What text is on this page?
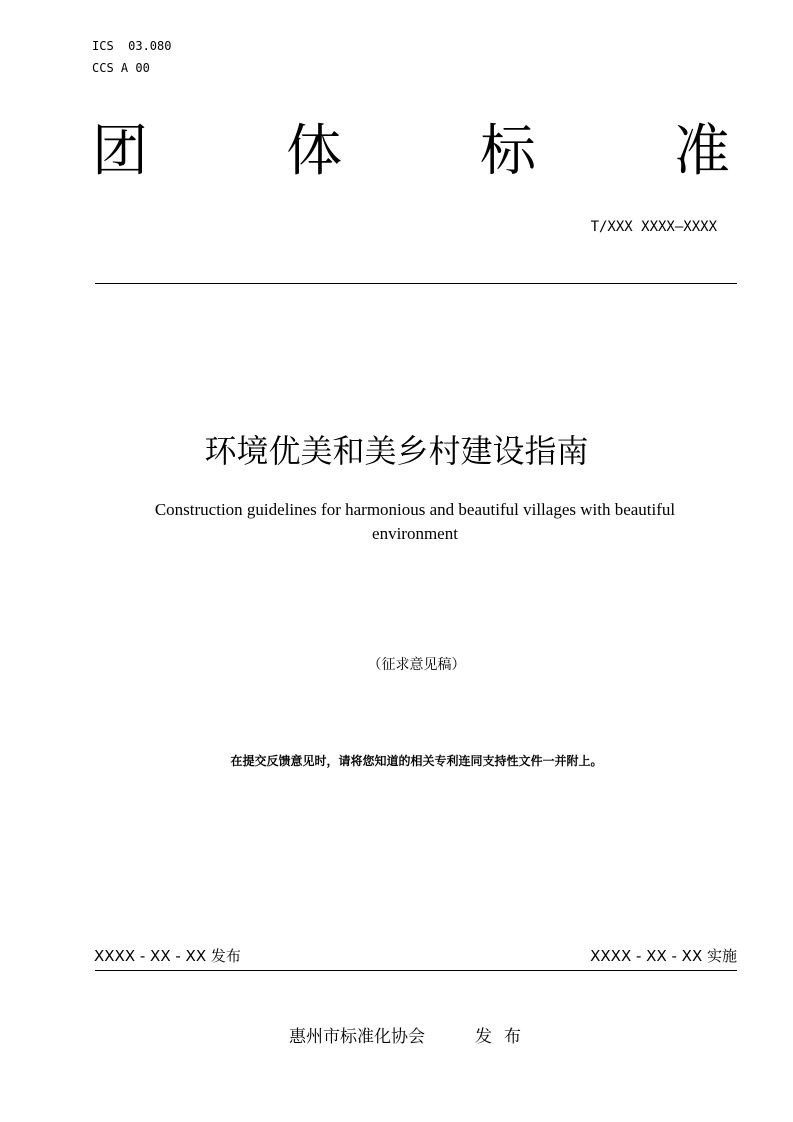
ICS  03.080
CCS A 00
团 体 标 准
T/XXX XXXX—XXXX
环境优美和美乡村建设指南
Construction guidelines for harmonious and beautiful villages with beautiful environment
（征求意见稿）
在提交反馈意见时，请将您知道的相关专利连同支持性文件一并附上。
XXXX - XX - XX 发布	XXXX - XX - XX 实施
惠州市标准化协会	发布
